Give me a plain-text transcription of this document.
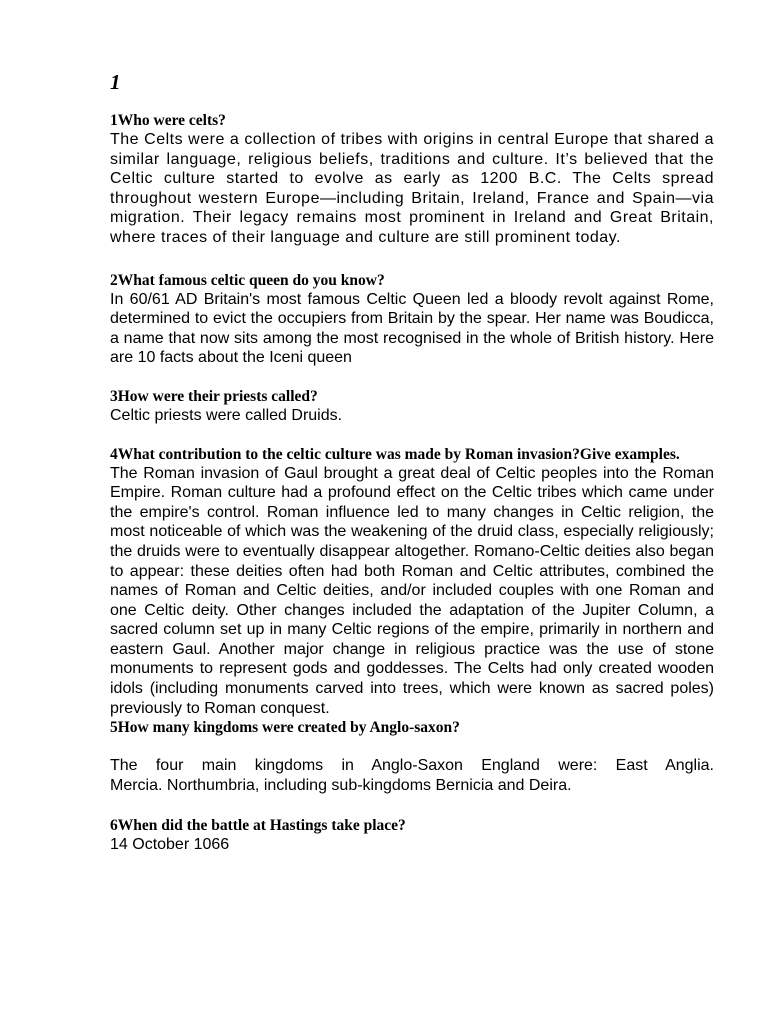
1

1Who were celts?

The Celts were a collection of tribes with origins in central Europe that shared a similar language, religious beliefs, traditions and culture. It’s believed that the Celtic culture started to evolve as early as 1200 B.C. The Celts spread throughout western Europe—including Britain, Ireland, France and Spain—via migration. Their legacy remains most prominent in Ireland and Great Britain, where traces of their language and culture are still prominent today.

2What famous celtic queen do you know?

In 60/61 AD Britain's most famous Celtic Queen led a bloody revolt against Rome, determined to evict the occupiers from Britain by the spear. Her name was Boudicca, a name that now sits among the most recognised in the whole of British history. Here are 10 facts about the Iceni queen

3How were their priests called?

Celtic priests were called Druids.

4What contribution to the celtic culture was made by Roman invasion?Give examples.

The Roman invasion of Gaul brought a great deal of Celtic peoples into the Roman Empire. Roman culture had a profound effect on the Celtic tribes which came under the empire's control. Roman influence led to many changes in Celtic religion, the most noticeable of which was the weakening of the druid class, especially religiously; the druids were to eventually disappear altogether. Romano-Celtic deities also began to appear: these deities often had both Roman and Celtic attributes, combined the names of Roman and Celtic deities, and/or included couples with one Roman and one Celtic deity. Other changes included the adaptation of the Jupiter Column, a sacred column set up in many Celtic regions of the empire, primarily in northern and eastern Gaul. Another major change in religious practice was the use of stone monuments to represent gods and goddesses. The Celts had only created wooden idols (including monuments carved into trees, which were known as sacred poles) previously to Roman conquest.

5How many kingdoms were created by Anglo-saxon?

The four main kingdoms in Anglo-Saxon England were: East Anglia.

Mercia. Northumbria, including sub-kingdoms Bernicia and Deira.

6When did the battle at Hastings take place?

14 October 1066
